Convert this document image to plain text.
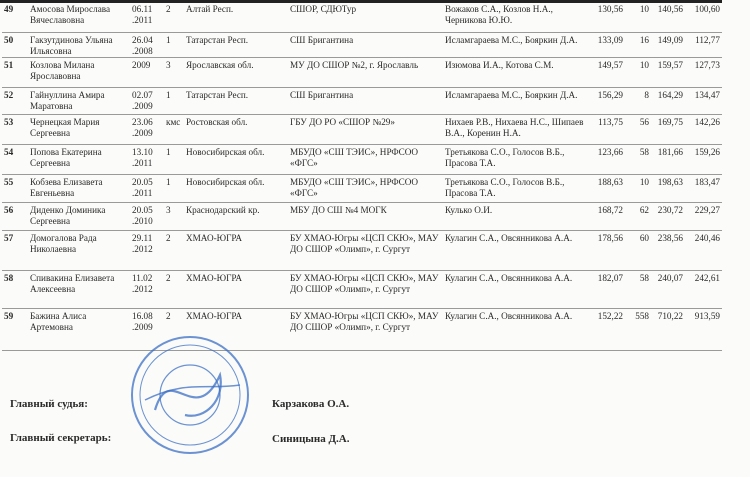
49	Амосова Мирослава Вячеславовна	06.11 .2011	2	Алтай Респ.	СШОР, СДЮТур	Вожаков С.А., Козлов Н.А., Черникова Ю.Ю.	130,56	10	140,56	100,60
50	Гакзутдинова Ульяна Ильясовна	26.04 .2008	1	Татарстан Респ.	СШ Бригантина	Исламгараева М.С., Бояркин Д.А.	133,09	16	149,09	112,77
51	Козлова Милана Ярославовна	2009	3	Ярославская обл.	МУ ДО СШОР №2, г. Ярославль	Изюмова И.А., Котова С.М.	149,57	10	159,57	127,73
52	Гайнуллина Амира Маратовна	02.07 .2009	1	Татарстан Респ.	СШ Бригантина	Исламгараева М.С., Бояркин Д.А.	156,29	8	164,29	134,47
53	Чернецкая Мария Сергеевна	23.06 .2009	кмс	Ростовская обл.	ГБУ ДО РО «СШОР №29»	Нихаев Р.В., Нихаева Н.С., Шипаев В.А., Коренин Н.А.	113,75	56	169,75	142,26
54	Попова Екатерина Сергеевна	13.10 .2011	1	Новосибирская обл.	МБУДО «СШ ТЭИС», НРФСОО «ФГС»	Третьякова С.О., Голосов В.Б., Прасова Т.А.	123,66	58	181,66	159,26
55	Кобзева Елизавета Евгеньевна	20.05 .2011	1	Новосибирская обл.	МБУДО «СШ ТЭИС», НРФСОО «ФГС»	Третьякова С.О., Голосов В.Б., Прасова Т.А.	188,63	10	198,63	183,47
56	Диденко Доминика Сергеевна	20.05 .2010	3	Краснодарский кр.	МБУ ДО СШ №4 МОГК	Кулько О.И.	168,72	62	230,72	229,27
57	Домогалова Рада Николаевна	29.11 .2012	2	ХМАО-ЮГРА	БУ ХМАО-Югры «ЦСП СКЮ», МАУ ДО СШОР «Олимп», г. Сургут	Кулагин С.А., Овсянникова А.А.	178,56	60	238,56	240,46
58	Спивакина Елизавета Алексеевна	11.02 .2012	2	ХМАО-ЮГРА	БУ ХМАО-Югры «ЦСП СКЮ», МАУ ДО СШОР «Олимп», г. Сургут	Кулагин С.А., Овсянникова А.А.	182,07	58	240,07	242,61
59	Бажина Алиса Артемовна	16.08 .2009	2	ХМАО-ЮГРА	БУ ХМАО-Югры «ЦСП СКЮ», МАУ ДО СШОР «Олимп», г. Сургут	Кулагин С.А., Овсянникова А.А.	152,22	558	710,22	913,59
Главный судья:	Карзакова О.А.
Главный секретарь:	Синицына Д.А.
